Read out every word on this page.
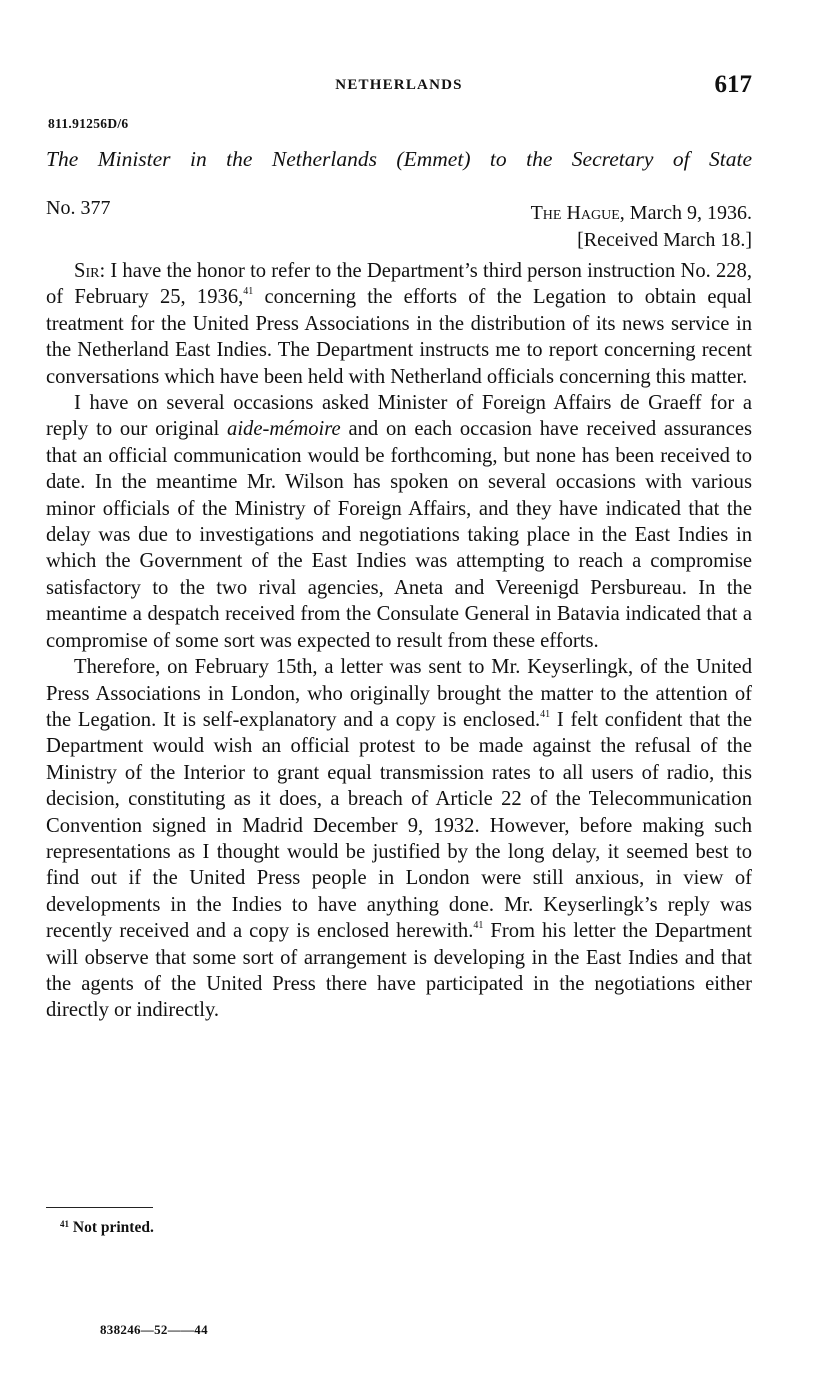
NETHERLANDS	617
811.91256D/6
The Minister in the Netherlands (Emmet) to the Secretary of State
No. 377	The Hague, March 9, 1936.
[Received March 18.]

Sir: I have the honor to refer to the Department’s third person instruction No. 228, of February 25, 1936,41 concerning the efforts of the Legation to obtain equal treatment for the United Press Associations in the distribution of its news service in the Netherland East Indies. The Department instructs me to report concerning recent conversations which have been held with Netherland officials concerning this matter.

I have on several occasions asked Minister of Foreign Affairs de Graeff for a reply to our original aide-mémoire and on each occasion have received assurances that an official communication would be forthcoming, but none has been received to date. In the meantime Mr. Wilson has spoken on several occasions with various minor officials of the Ministry of Foreign Affairs, and they have indicated that the delay was due to investigations and negotiations taking place in the East Indies in which the Government of the East Indies was attempting to reach a compromise satisfactory to the two rival agencies, Aneta and Vereenigd Persbureau. In the meantime a despatch received from the Consulate General in Batavia indicated that a compromise of some sort was expected to result from these efforts.

Therefore, on February 15th, a letter was sent to Mr. Keyserlingk, of the United Press Associations in London, who originally brought the matter to the attention of the Legation. It is self-explanatory and a copy is enclosed.$^{41}$ I felt confident that the Department would wish an official protest to be made against the refusal of the Ministry of the Interior to grant equal transmission rates to all users of radio, this decision, constituting as it does, a breach of Article 22 of the Telecommunication Convention signed in Madrid December 9, 1932. However, before making such representations as I thought would be justified by the long delay, it seemed best to find out if the United Press people in London were still anxious, in view of developments in the Indies to have anything done. Mr. Keyserlingk’s reply was recently received and a copy is enclosed herewith.$^{41}$ From his letter the Department will observe that some sort of arrangement is developing in the East Indies and that the agents of the United Press there have participated in the negotiations either directly or indirectly.

$^{41}$ Not printed.
838246—52——44
